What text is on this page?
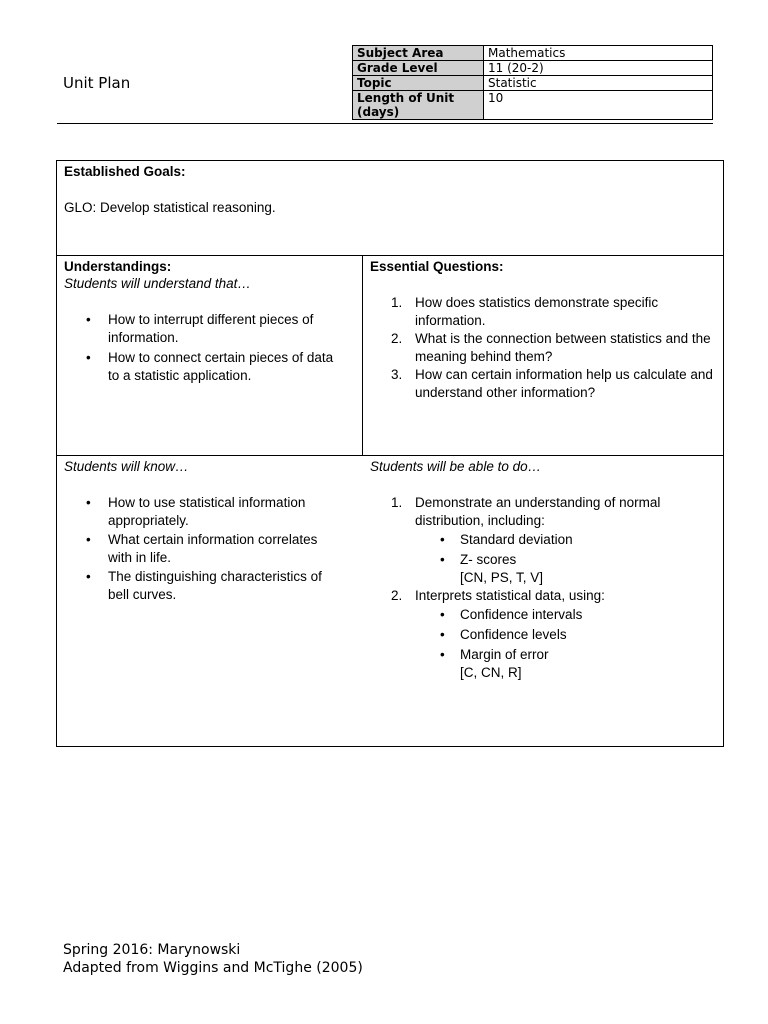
Unit Plan
Subject Area	Mathematics
Grade Level	11 (20-2)
Topic	Statistic
Length of Unit (days)	10
Established Goals:
GLO: Develop statistical reasoning.
Understandings:
Students will understand that…
• How to interrupt different pieces of information.
• How to connect certain pieces of data to a statistic application.
Essential Questions:
1. How does statistics demonstrate specific information.
2. What is the connection between statistics and the meaning behind them?
3. How can certain information help us calculate and understand other information?
Students will know…
• How to use statistical information appropriately.
• What certain information correlates with in life.
• The distinguishing characteristics of bell curves.
Students will be able to do…
1. Demonstrate an understanding of normal distribution, including:
• Standard deviation
• Z- scores
[CN, PS, T, V]
2. Interprets statistical data, using:
• Confidence intervals
• Confidence levels
• Margin of error
[C, CN, R]
Spring 2016: Marynowski
Adapted from Wiggins and McTighe (2005)
